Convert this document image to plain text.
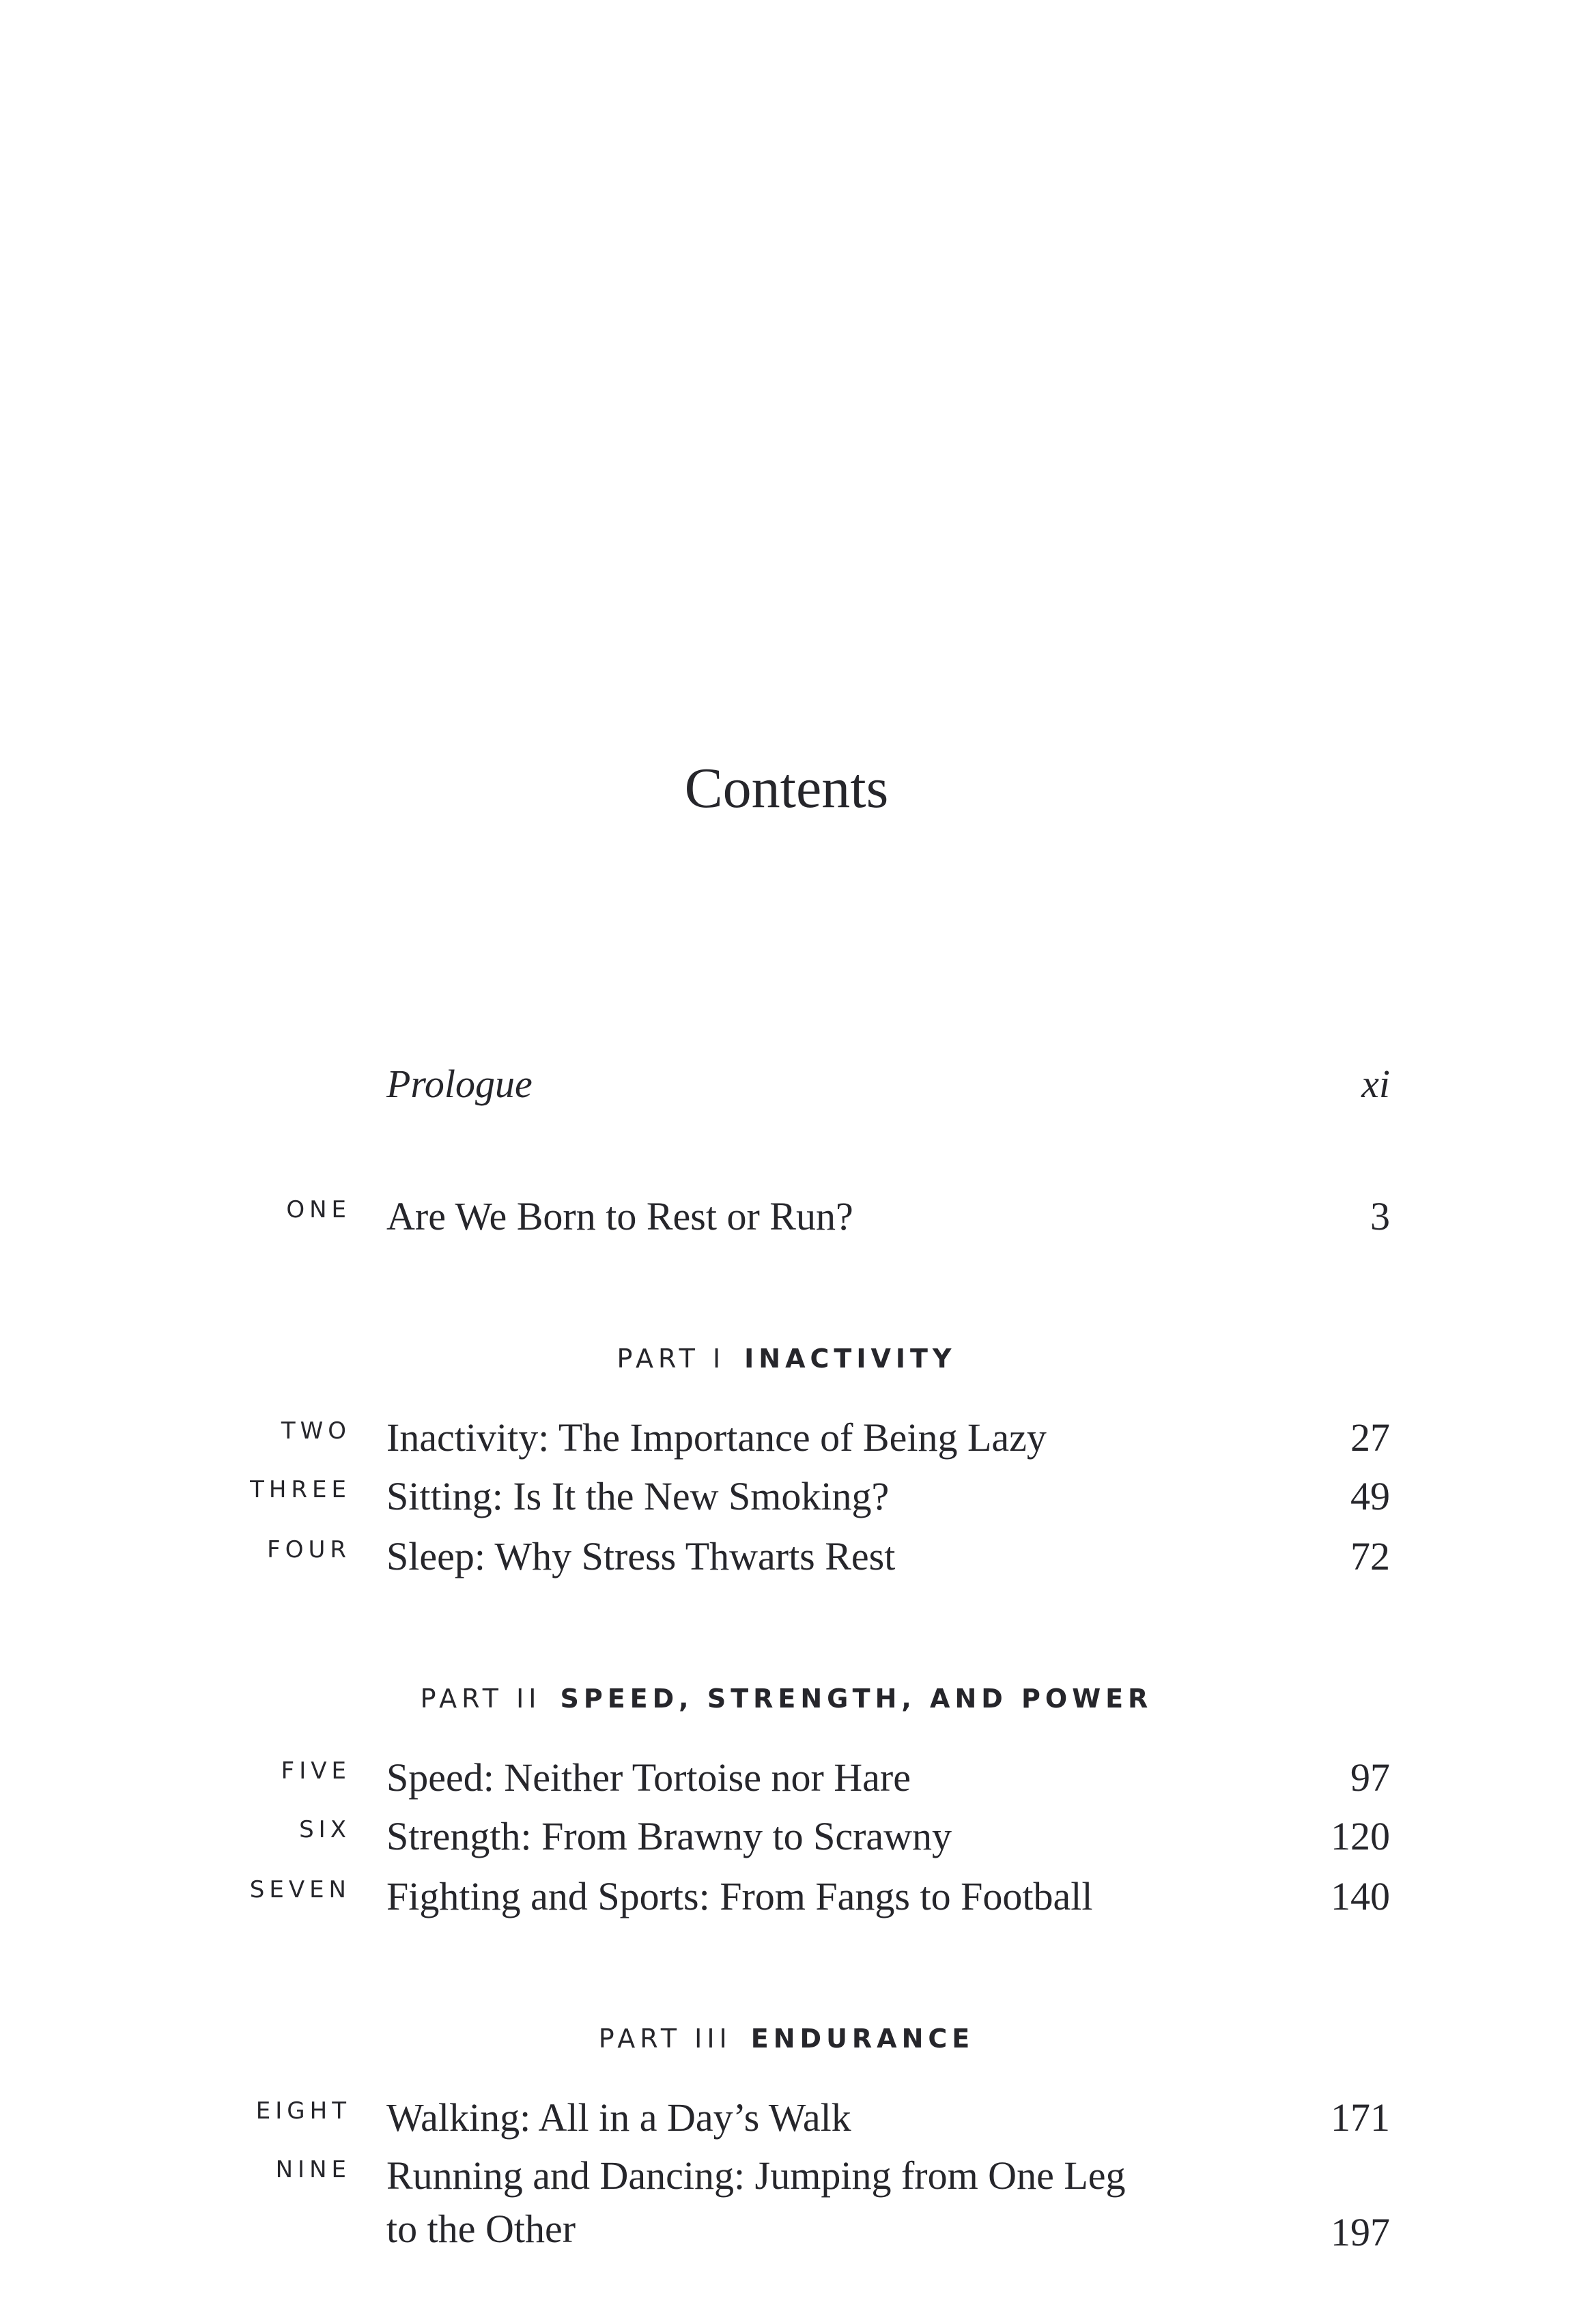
Contents
Prologue	xi
ONE Are We Born to Rest or Run?	3
PART I INACTIVITY
TWO Inactivity: The Importance of Being Lazy	27
THREE Sitting: Is It the New Smoking?	49
FOUR Sleep: Why Stress Thwarts Rest	72
PART II SPEED, STRENGTH, AND POWER
FIVE Speed: Neither Tortoise nor Hare	97
SIX Strength: From Brawny to Scrawny	120
SEVEN Fighting and Sports: From Fangs to Football	140
PART III ENDURANCE
EIGHT Walking: All in a Day’s Walk	171
NINE Running and Dancing: Jumping from One Leg
to the Other	197
